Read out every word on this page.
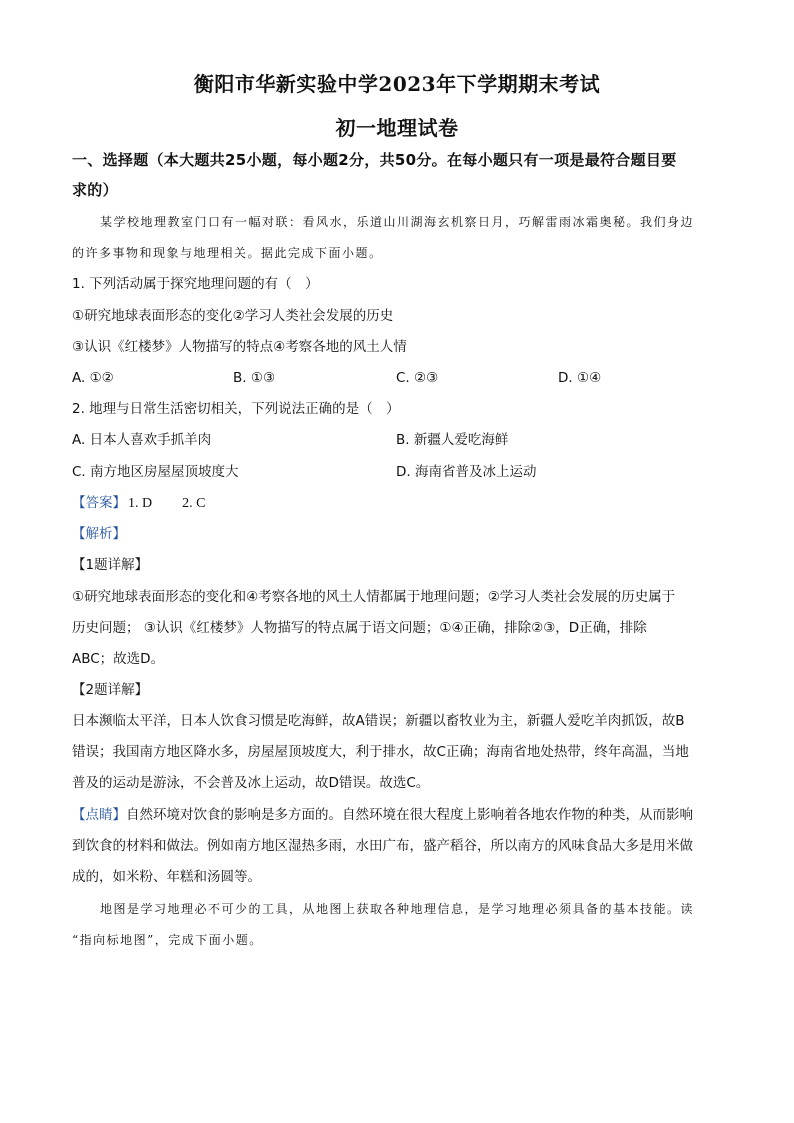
衡阳市华新实验中学2023年下学期期末考试
初一地理试卷
一、选择题（本大题共25小题，每小题2分，共50分。在每小题只有一项是最符合题目要
求的）
某学校地理教室门口有一幅对联：看风水，乐道山川湖海玄机察日月，巧解雷雨冰霜奥秘。我们身边
的许多事物和现象与地理相关。据此完成下面小题。
1. 下列活动属于探究地理问题的有（　）
①研究地球表面形态的变化②学习人类社会发展的历史
③认识《红楼梦》人物描写的特点④考察各地的风土人情
A. ①②	B. ①③	C. ②③	D. ①④
2. 地理与日常生活密切相关，下列说法正确的是（　）
A. 日本人喜欢手抓羊肉	B. 新疆人爱吃海鲜
C. 南方地区房屋屋顶坡度大	D. 海南省普及冰上运动
【答案】 1. D 2. C
【解析】
【1题详解】
①研究地球表面形态的变化和④考察各地的风土人情都属于地理问题；②学习人类社会发展的历史属于
历史问题； ③认识《红楼梦》人物描写的特点属于语文问题；①④正确，排除②③，D正确，排除
ABC；故选D。
【2题详解】
日本濒临太平洋，日本人饮食习惯是吃海鲜，故A错误；新疆以畜牧业为主，新疆人爱吃羊肉抓饭，故B
错误；我国南方地区降水多，房屋屋顶坡度大，利于排水，故C正确；海南省地处热带，终年高温，当地
普及的运动是游泳，不会普及冰上运动，故D错误。故选C。
【点睛】自然环境对饮食的影响是多方面的。自然环境在很大程度上影响着各地农作物的种类，从而影响
到饮食的材料和做法。例如南方地区湿热多雨，水田广布，盛产稻谷，所以南方的风味食品大多是用米做
成的，如米粉、年糕和汤圆等。
地图是学习地理必不可少的工具，从地图上获取各种地理信息，是学习地理必须具备的基本技能。读
“指向标地图”，完成下面小题。
